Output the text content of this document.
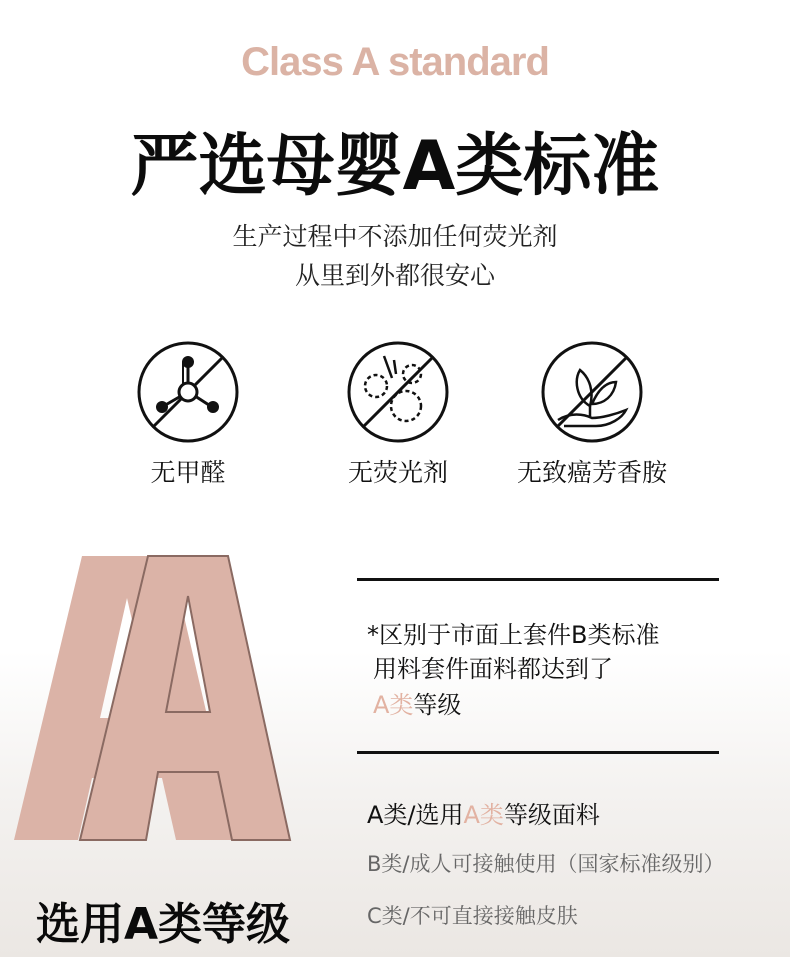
Class A standard
严选母婴A类标准
生产过程中不添加任何荧光剂
从里到外都很安心
无甲醛	无荧光剂	无致癌芳香胺
*区别于市面上套件B类标准
用料套件面料都达到了
A类等级
A类/选用A类等级面料
B类/成人可接触使用（国家标准级别）
C类/不可直接接触皮肤
选用A类等级
